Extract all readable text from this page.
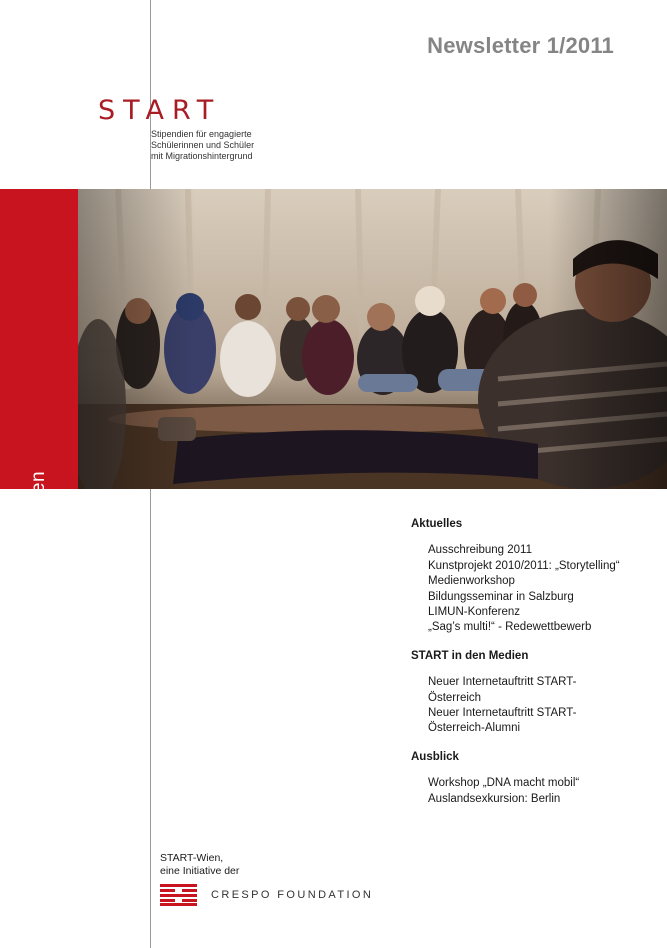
Newsletter 1/2011
START
Stipendien für engagierte
Schülerinnen und Schüler
mit Migrationshintergrund
START-Wien	Aktuelles
Ausschreibung 2011
Kunstprojekt 2010/2011: „Storytelling“
Medienworkshop
Bildungsseminar in Salzburg
LIMUN-Konferenz
„Sag’s multi!“ - Redewettbewerb
START in den Medien
Neuer Internetauftritt START-Österreich
Neuer Internetauftritt START-Österreich-Alumni
Ausblick
Workshop „DNA macht mobil“
Auslandsexkursion: Berlin
START-Wien,
eine Initiative der
CRESPO FOUNDATION
